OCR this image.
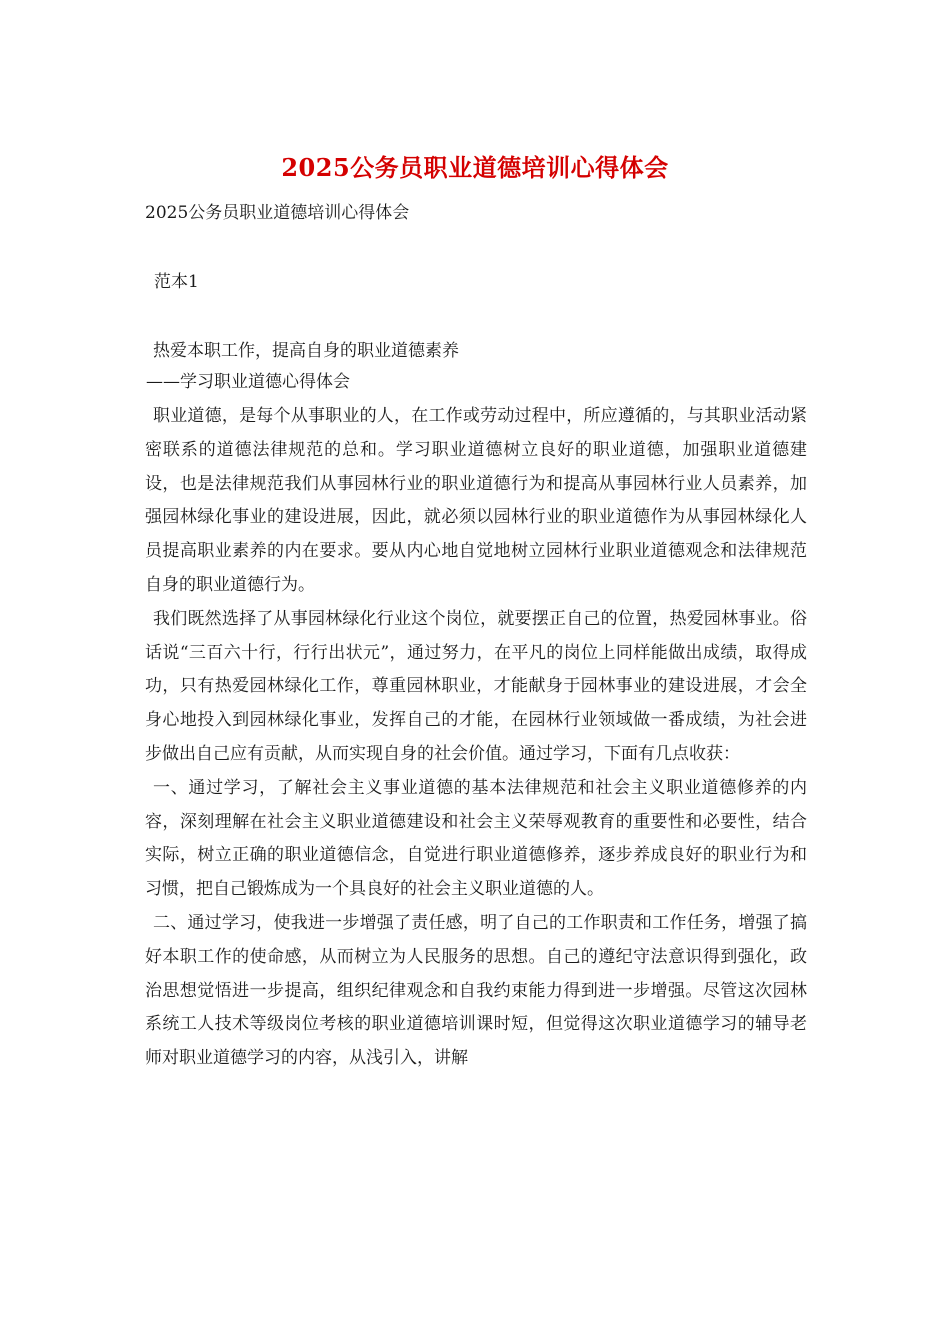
2025公务员职业道德培训心得体会
2025公务员职业道德培训心得体会
范本1
热爱本职工作，提高自身的职业道德素养
——学习职业道德心得体会

职业道德，是每个从事职业的人，在工作或劳动过程中，所应遵循的，与其职业活动紧密联系的道德法律规范的总和。学习职业道德树立良好的职业道德，加强职业道德建设，也是法律规范我们从事园林行业的职业道德行为和提高从事园林行业人员素养，加强园林绿化事业的建设进展，因此，就必须以园林行业的职业道德作为从事园林绿化人员提高职业素养的内在要求。要从内心地自觉地树立园林行业职业道德观念和法律规范自身的职业道德行为。

我们既然选择了从事园林绿化行业这个岗位，就要摆正自己的位置，热爱园林事业。俗话说“三百六十行，行行出状元”，通过努力，在平凡的岗位上同样能做出成绩，取得成功，只有热爱园林绿化工作，尊重园林职业，才能献身于园林事业的建设进展，才会全身心地投入到园林绿化事业，发挥自己的才能，在园林行业领域做一番成绩，为社会进步做出自己应有贡献，从而实现自身的社会价值。通过学习，下面有几点收获：

一、通过学习，了解社会主义事业道德的基本法律规范和社会主义职业道德修养的内容，深刻理解在社会主义职业道德建设和社会主义荣辱观教育的重要性和必要性，结合实际，树立正确的职业道德信念，自觉进行职业道德修养，逐步养成良好的职业行为和习惯，把自己锻炼成为一个具良好的社会主义职业道德的人。

二、通过学习，使我进一步增强了责任感，明了自己的工作职责和工作任务，增强了搞好本职工作的使命感，从而树立为人民服务的思想。自己的遵纪守法意识得到强化，政治思想觉悟进一步提高，组织纪律观念和自我约束能力得到进一步增强。尽管这次园林系统工人技术等级岗位考核的职业道德培训课时短，但觉得这次职业道德学习的辅导老师对职业道德学习的内容，从浅引入，讲解
